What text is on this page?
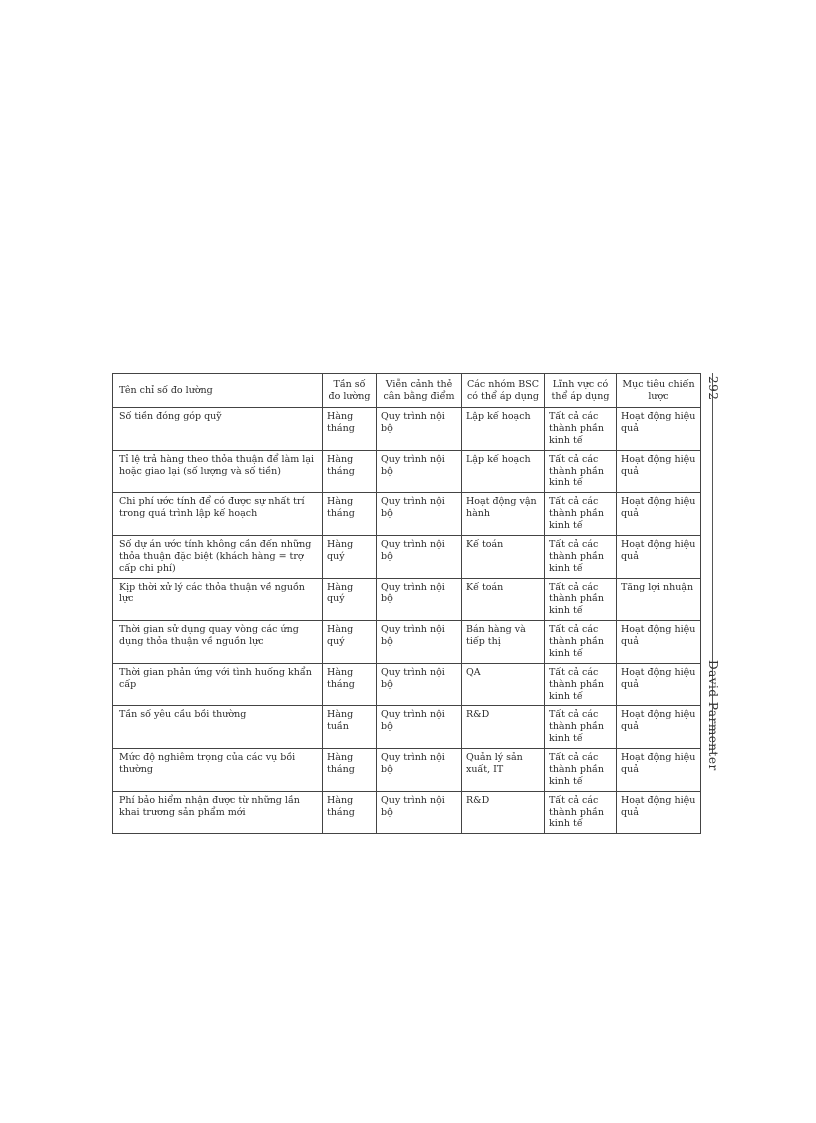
Tên chỉ số đo lường	Tần số đo lường	Viễn cảnh thẻ cân bằng điểm	Các nhóm BSC có thể áp dụng	Lĩnh vực có thể áp dụng	Mục tiêu chiến lược
Số tiền đóng góp quỹ	Hàng tháng	Quy trình nội bộ	Lập kế hoạch	Tất cả các thành phần kinh tế	Hoạt động hiệu quả
Tỉ lệ trả hàng theo thỏa thuận để làm lại hoặc giao lại (số lượng và số tiền)	Hàng tháng	Quy trình nội bộ	Lập kế hoạch	Tất cả các thành phần kinh tế	Hoạt động hiệu quả
Chi phí ước tính để có được sự nhất trí trong quá trình lập kế hoạch	Hàng tháng	Quy trình nội bộ	Hoạt động vận hành	Tất cả các thành phần kinh tế	Hoạt động hiệu quả
Số dự án ước tính không cần đến những thỏa thuận đặc biệt (khách hàng = trợ cấp chi phí)	Hàng quý	Quy trình nội bộ	Kế toán	Tất cả các thành phần kinh tế	Hoạt động hiệu quả
Kịp thời xử lý các thỏa thuận về nguồn lực	Hàng quý	Quy trình nội bộ	Kế toán	Tất cả các thành phần kinh tế	Tăng lợi nhuận
Thời gian sử dụng quay vòng các ứng dụng thỏa thuận về nguồn lực	Hàng quý	Quy trình nội bộ	Bán hàng và tiếp thị	Tất cả các thành phần kinh tế	Hoạt động hiệu quả
Thời gian phản ứng với tình huống khẩn cấp	Hàng tháng	Quy trình nội bộ	QA	Tất cả các thành phần kinh tế	Hoạt động hiệu quả
Tần số yêu cầu bồi thường	Hàng tuần	Quy trình nội bộ	R&D	Tất cả các thành phần kinh tế	Hoạt động hiệu quả
Mức độ nghiêm trọng của các vụ bồi thường	Hàng tháng	Quy trình nội bộ	Quản lý sản xuất, IT	Tất cả các thành phần kinh tế	Hoạt động hiệu quả
Phí bảo hiểm nhận được từ những lần khai trương sản phẩm mới	Hàng tháng	Quy trình nội bộ	R&D	Tất cả các thành phần kinh tế	Hoạt động hiệu quả
292
David Parmenter
